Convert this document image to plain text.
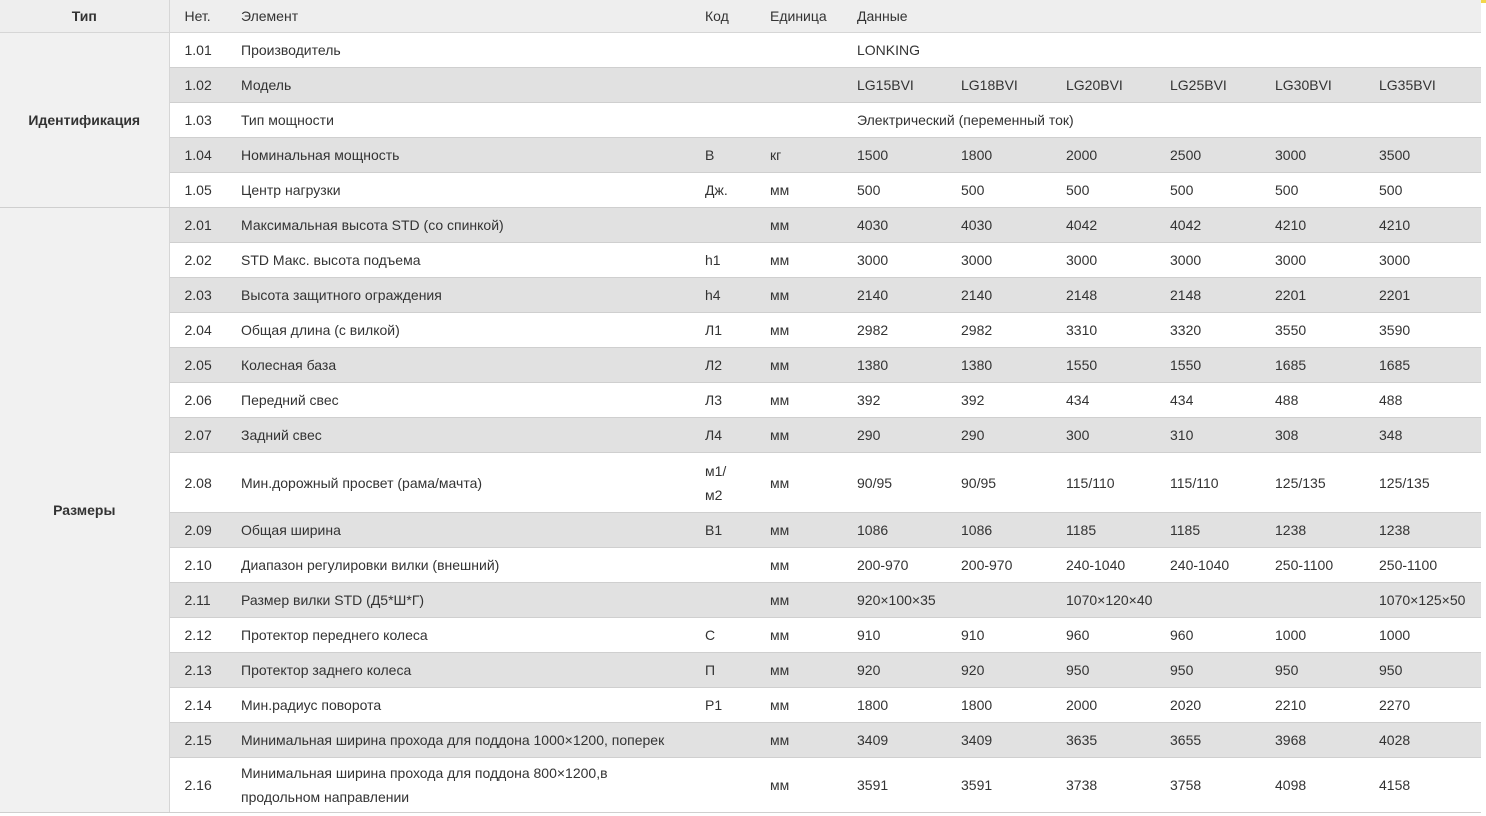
Тип	Нет.	Элемент	Код	Единица	Данные					
Идентификация	1.01	Производитель			LONKING					
	1.02	Модель			LG15BVI	LG18BVI	LG20BVI	LG25BVI	LG30BVI	LG35BVI
	1.03	Тип мощности			Электрический (переменный ток)					
	1.04	Номинальная мощность	В	кг	1500	1800	2000	2500	3000	3500
	1.05	Центр нагрузки	Дж.	мм	500	500	500	500	500	500
Размеры	2.01	Максимальная высота STD (со спинкой)		мм	4030	4030	4042	4042	4210	4210
	2.02	STD Макс. высота подъема	h1	мм	3000	3000	3000	3000	3000	3000
	2.03	Высота защитного ограждения	h4	мм	2140	2140	2148	2148	2201	2201
	2.04	Общая длина (с вилкой)	Л1	мм	2982	2982	3310	3320	3550	3590
	2.05	Колесная база	Л2	мм	1380	1380	1550	1550	1685	1685
	2.06	Передний свес	Л3	мм	392	392	434	434	488	488
	2.07	Задний свес	Л4	мм	290	290	300	310	308	348
	2.08	Мин.дорожный просвет (рама/мачта)	м1/ м2	мм	90/95	90/95	115/110	115/110	125/135	125/135
	2.09	Общая ширина	В1	мм	1086	1086	1185	1185	1238	1238
	2.10	Диапазон регулировки вилки (внешний)		мм	200-970	200-970	240-1040	240-1040	250-1100	250-1100
	2.11	Размер вилки STD (Д5*Ш*Г)		мм	920×100×35		1070×120×40			1070×125×50
	2.12	Протектор переднего колеса	С	мм	910	910	960	960	1000	1000
	2.13	Протектор заднего колеса	П	мм	920	920	950	950	950	950
	2.14	Мин.радиус поворота	Р1	мм	1800	1800	2000	2020	2210	2270
	2.15	Минимальная ширина прохода для поддона 1000×1200, поперек		мм	3409	3409	3635	3655	3968	4028
	2.16	Минимальная ширина прохода для поддона 800×1200,в продольном направлении		мм	3591	3591	3738	3758	4098	4158
